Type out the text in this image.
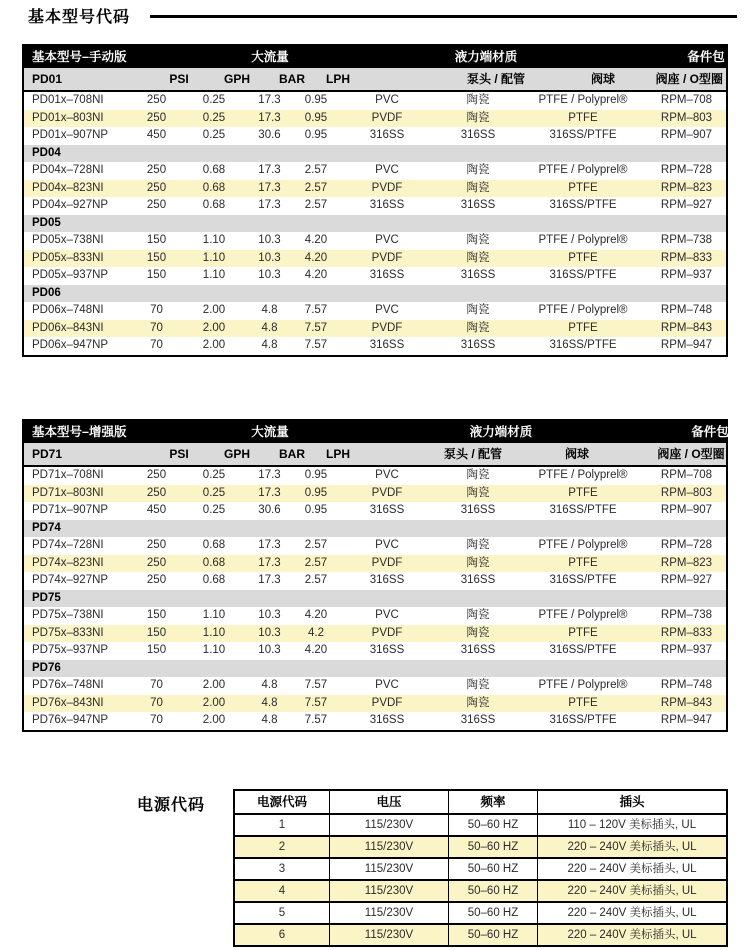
基本型号代码
基本型号–手动版	大流量	液力端材质	备件包
PD01	PSI	GPH BAR LPH	泵头 / 配管	阀球	阀座 / O型圈
PD01x–708NI	250	0.25	17.3	0.95	PVC	陶瓷	PTFE / Polyprel®	RPM–708
PD01x–803NI	250	0.25	17.3	0.95	PVDF	陶瓷	PTFE	RPM–803
PD01x–907NP	450	0.25	30.6	0.95	316SS	316SS	316SS/PTFE	RPM–907
PD04
PD04x–728NI	250	0.68	17.3	2.57	PVC	陶瓷	PTFE / Polyprel®	RPM–728
PD04x–823NI	250	0.68	17.3	2.57	PVDF	陶瓷	PTFE	RPM–823
PD04x–927NP	250	0.68	17.3	2.57	316SS	316SS	316SS/PTFE	RPM–927
PD05
PD05x–738NI	150	1.10	10.3	4.20	PVC	陶瓷	PTFE / Polyprel®	RPM–738
PD05x–833NI	150	1.10	10.3	4.20	PVDF	陶瓷	PTFE	RPM–833
PD05x–937NP	150	1.10	10.3	4.20	316SS	316SS	316SS/PTFE	RPM–937
PD06
PD06x–748NI	70	2.00	4.8	7.57	PVC	陶瓷	PTFE / Polyprel®	RPM–748
PD06x–843NI	70	2.00	4.8	7.57	PVDF	陶瓷	PTFE	RPM–843
PD06x–947NP	70	2.00	4.8	7.57	316SS	316SS	316SS/PTFE	RPM–947
基本型号–增强版	大流量	液力端材质	备件包
PD71	PSI	GPH BAR LPH	泵头 / 配管	阀球	阀座 / O型圈
PD71x–708NI	250	0.25	17.3	0.95	PVC	陶瓷	PTFE / Polyprel®	RPM–708
PD71x–803NI	250	0.25	17.3	0.95	PVDF	陶瓷	PTFE	RPM–803
PD71x–907NP	450	0.25	30.6	0.95	316SS	316SS	316SS/PTFE	RPM–907
PD74
PD74x–728NI	250	0.68	17.3	2.57	PVC	陶瓷	PTFE / Polyprel®	RPM–728
PD74x–823NI	250	0.68	17.3	2.57	PVDF	陶瓷	PTFE	RPM–823
PD74x–927NP	250	0.68	17.3	2.57	316SS	316SS	316SS/PTFE	RPM–927
PD75
PD75x–738NI	150	1.10	10.3	4.20	PVC	陶瓷	PTFE / Polyprel®	RPM–738
PD75x–833NI	150	1.10	10.3	4.2	PVDF	陶瓷	PTFE	RPM–833
PD75x–937NP	150	1.10	10.3	4.20	316SS	316SS	316SS/PTFE	RPM–937
PD76
PD76x–748NI	70	2.00	4.8	7.57	PVC	陶瓷	PTFE / Polyprel®	RPM–748
PD76x–843NI	70	2.00	4.8	7.57	PVDF	陶瓷	PTFE	RPM–843
PD76x–947NP	70	2.00	4.8	7.57	316SS	316SS	316SS/PTFE	RPM–947
电源代码	电源代码	电压	频率	插头
1	115/230V	50–60 HZ	110 – 120V 美标插头, UL
2	115/230V	50–60 HZ	220 – 240V 美标插头, UL
3	115/230V	50–60 HZ	220 – 240V 美标插头, UL
4	115/230V	50–60 HZ	220 – 240V 美标插头, UL
5	115/230V	50–60 HZ	220 – 240V 美标插头, UL
6	115/230V	50–60 HZ	220 – 240V 美标插头, UL
